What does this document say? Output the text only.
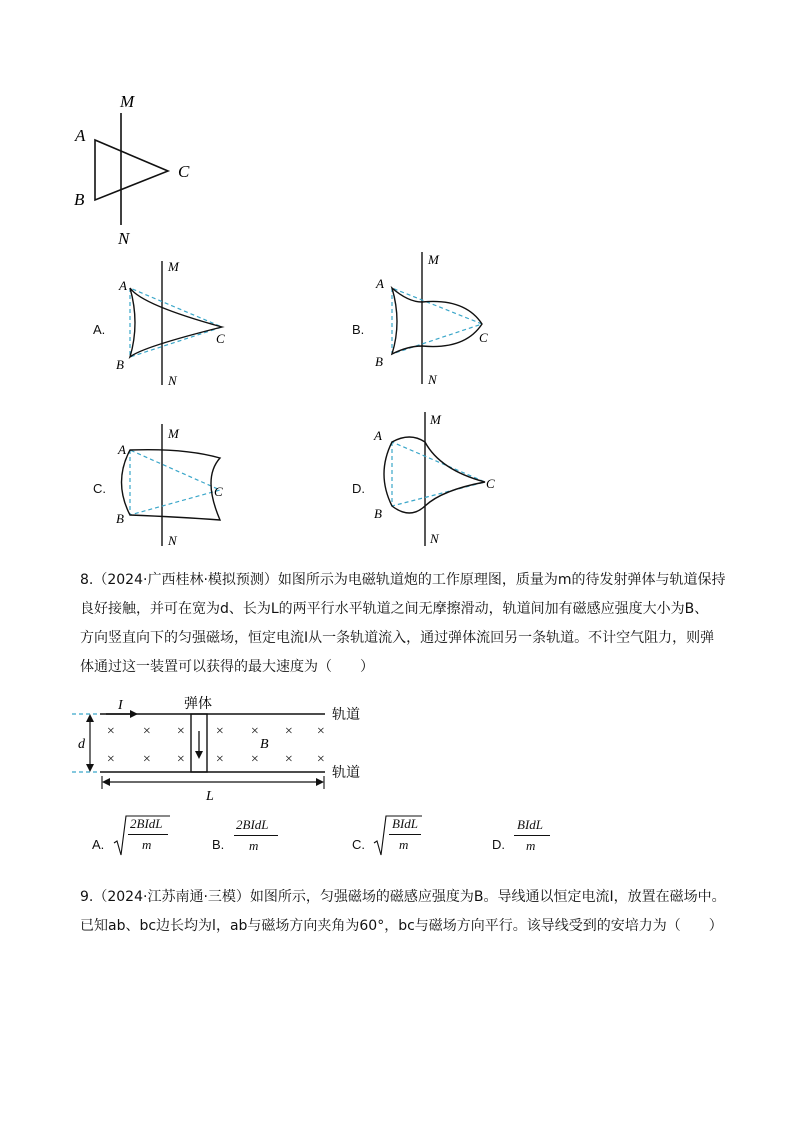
M
N
A
B
C
A.
M
N
A
B
C
B.
M
N
A
B
C
C.
M
N
A
B
C	D.
M
N
A
B
C
8.（2024·广西桂林·模拟预测）如图所示为电磁轨道炮的工作原理图，质量为m的待发射弹体与轨道保持
良好接触，并可在宽为d、长为L的两平行水平轨道之间无摩擦滑动，轨道间加有磁感应强度大小为B、
方向竖直向下的匀强磁场，恒定电流I从一条轨道流入，通过弹体流回另一条轨道。不计空气阻力，则弹
体通过这一装置可以获得的最大速度为（　　）
I	弹体
× × × × × × ×
× × × × × × ×
B
d
L
轨道
轨道
A.
2BIdL
m	B.
2BIdL
m	C.
BIdL
m	D.
BIdL
m
9.（2024·江苏南通·三模）如图所示，匀强磁场的磁感应强度为B。导线通以恒定电流I，放置在磁场中。
已知ab、bc边长均为l，ab与磁场方向夹角为60°，bc与磁场方向平行。该导线受到的安培力为（　　）
